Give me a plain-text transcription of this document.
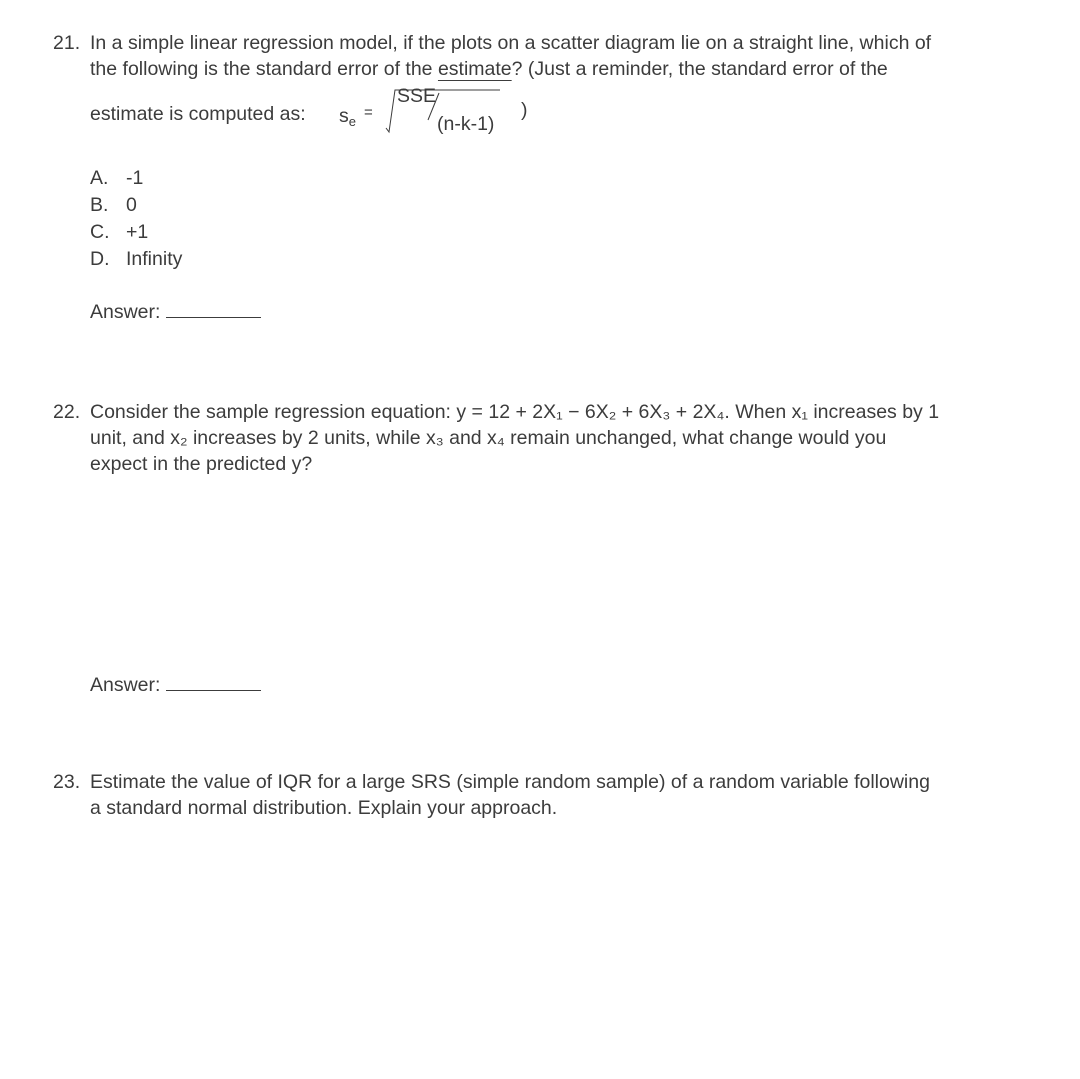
21. In a simple linear regression model, if the plots on a scatter diagram lie on a straight line, which of
the following is the standard error of the estimate? (Just a reminder, the standard error of the
estimate is computed as: $s_e$
=
SSE
(n-k-1)
)
A. -1
B. 0
C. +1
D. Infinity
Answer:
22. Consider the sample regression equation: y = 12 + 2X₁ − 6X₂ + 6X₃ + 2X₄. When x₁ increases by 1
unit, and x₂ increases by 2 units, while x₃ and x₄ remain unchanged, what change would you
expect in the predicted y?
Answer:
23. Estimate the value of IQR for a large SRS (simple random sample) of a random variable following
a standard normal distribution. Explain your approach.
